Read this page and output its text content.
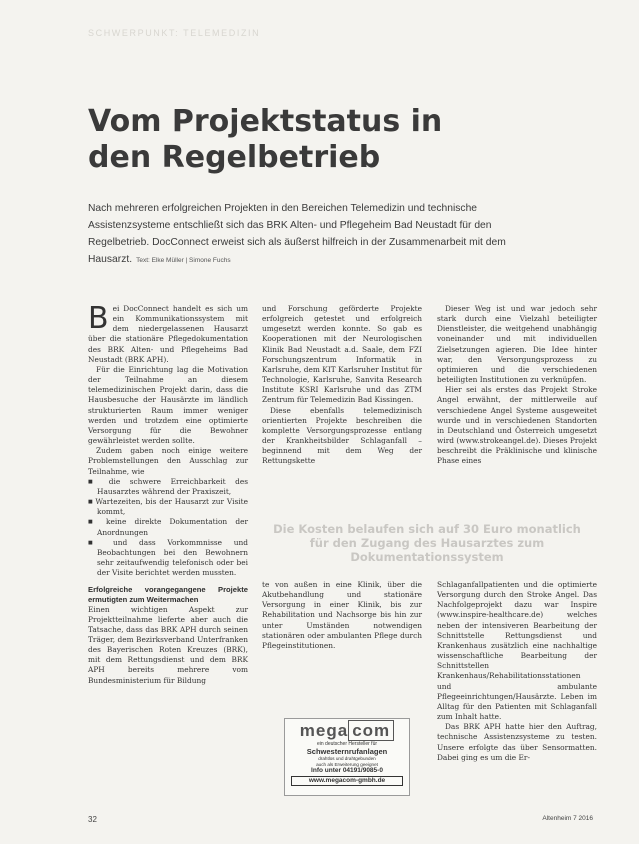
SCHWERPUNKT: TELEMEDIZIN
Vom Projektstatus in den Regelbetrieb

Nach mehreren erfolgreichen Projekten in den Bereichen Telemedizin und technische Assistenzsysteme entschließt sich das BRK Alten- und Pflegeheim Bad Neustadt für den Regelbetrieb. DocConnect erweist sich als äußerst hilfreich in der Zusammenarbeit mit dem Hausarzt. Text: Elke Müller | Simone Fuchs

Bei DocConnect handelt es sich um ein Kommunikationssystem mit dem niedergelassenen Hausarzt über die stationäre Pflegedokumentation des BRK Alten- und Pflegeheims Bad Neustadt (BRK APH).

Für die Einrichtung lag die Motivation der Teilnahme an diesem telemedizinischen Projekt darin, dass die Hausbesuche der Hausärzte im ländlich strukturierten Raum immer weniger werden und trotzdem eine optimierte Versorgung für die Bewohner gewährleistet werden sollte.

Zudem gaben noch einige weitere Problemstellungen den Ausschlag zur Teilnahme, wie

■ die schwere Erreichbarkeit des Hausarztes während der Praxiszeit,
■ Wartezeiten, bis der Hausarzt zur Visite kommt,
■ keine direkte Dokumentation der Anordnungen
■ und dass Vorkommnisse und Beobachtungen bei den Bewohnern sehr zeitaufwendig telefonisch oder bei der Visite berichtet werden mussten.

Erfolgreiche vorangegangene Projekte ermutigten zum Weitermachen

Einen wichtigen Aspekt zur Projektteilnahme lieferte aber auch die Tatsache, dass das BRK APH durch seinen Träger, dem Bezirksverband Unterfranken des Bayerischen Roten Kreuzes (BRK), mit dem Rettungsdienst und dem BRK APH bereits mehrere vom Bundesministerium für Bildung

und Forschung geförderte Projekte erfolgreich getestet und erfolgreich umgesetzt werden konnte. So gab es Kooperationen mit der Neurologischen Klinik Bad Neustadt a.d. Saale, dem FZI Forschungszentrum Informatik in Karlsruhe, dem KIT Karlsruher Institut für Technologie, Karlsruhe, Sanvita Research Institute KSRI Karlsruhe und das ZTM Zentrum für Telemedizin Bad Kissingen.

Diese ebenfalls telemedizinisch orientierten Projekte beschreiben die komplette Versorgungsprozesse entlang der Krankheitsbilder Schlaganfall – beginnend mit dem Weg der Rettungskette

te von außen in eine Klinik, über die Akutbehandlung und stationäre Versorgung in einer Klinik, bis zur Rehabilitation und Nachsorge bis hin zur unter Umständen notwendigen stationären oder ambulanten Pflege durch Pflegeinstitutionen.

Dieser Weg ist und war jedoch sehr stark durch eine Vielzahl beteiligter Dienstleister, die weitgehend unabhängig voneinander und mit individuellen Zielsetzungen agieren. Die Idee hinter war, den Versorgungsprozess zu optimieren und die verschiedenen beteiligten Institutionen zu verknüpfen.

Hier sei als erstes das Projekt Stroke Angel erwähnt, der mittlerweile auf verschiedene Angel Systeme ausgeweitet wurde und in verschiedenen Standorten in Deutschland und Österreich umgesetzt wird (www.strokeangel.de). Dieses Projekt beschreibt die Präklinische und klinische Phase eines

Schlaganfallpatienten und die optimierte Versorgung durch den Stroke Angel. Das Nachfolgeprojekt dazu war Inspire (www.inspire-healthcare.de) welches neben der intensiveren Bearbeitung der Schnittstelle Rettungsdienst und Krankenhaus zusätzlich eine nachhaltige wissenschaftliche Bearbeitung der Schnittstellen Krankenhaus/Rehabilitationsstationen und ambulante Pflegeeinrichtungen/Hausärzte. Leben im Alltag für den Patienten mit Schlaganfall zum Inhalt hatte.

Das BRK APH hatte hier den Auftrag, technische Assistenzsysteme zu testen. Unsere erfolgte das über Sensormatten. Dabei ging es um die Er-

Die Kosten belaufen sich auf 30 Euro monatlich für den Zugang des Hausarztes zum Dokumentationssystem

mega com
ein deutscher Hersteller für
Schwesternrufanlagen
drahtlos und drahtgebunden
auch als Erweiterung geeignet
Info unter 04191/9085-0
www.megacom-gmbh.de
32	Altenheim 7 2016
